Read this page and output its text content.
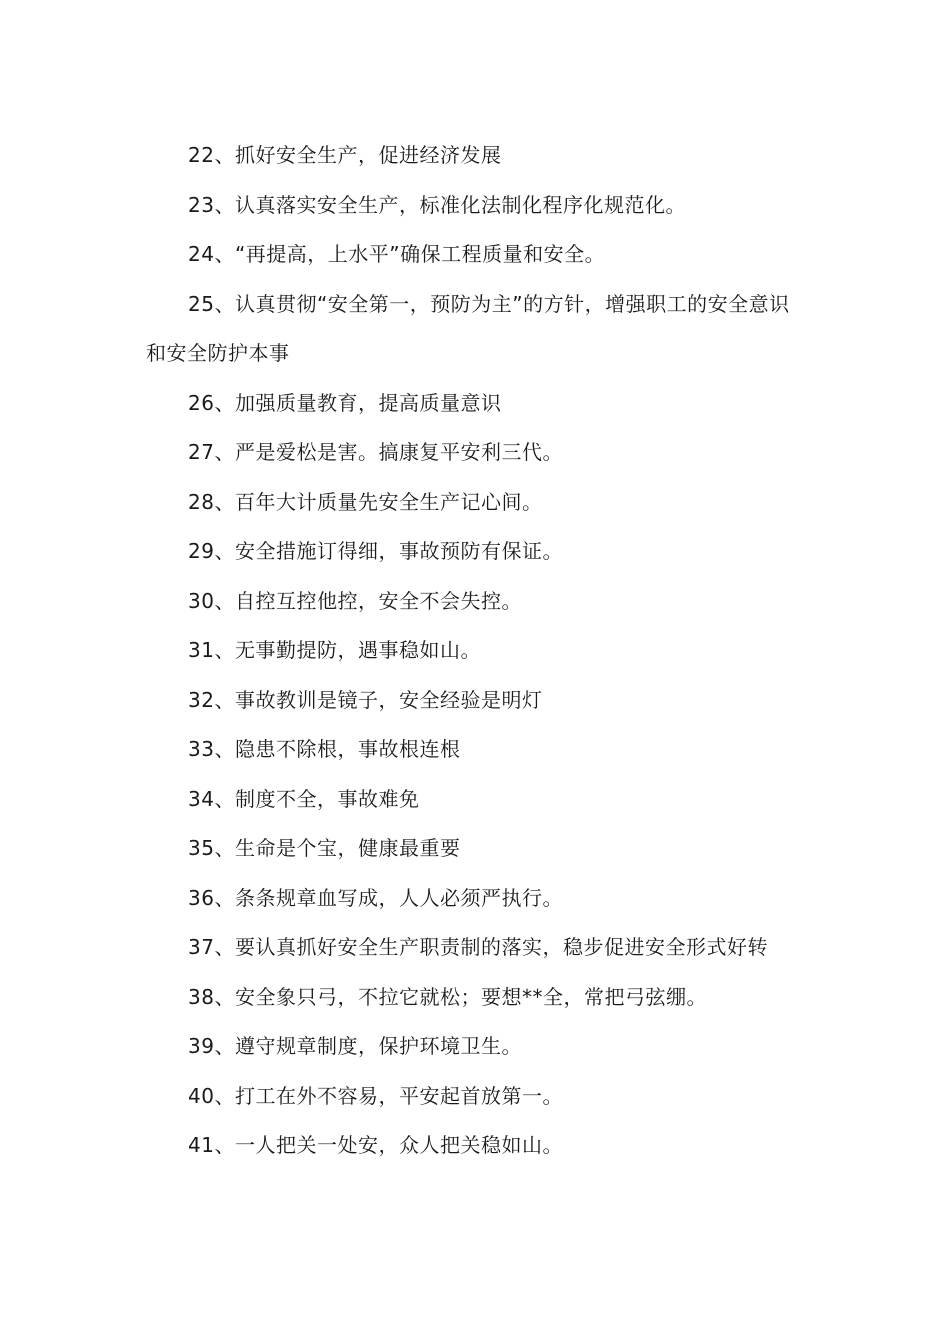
22、抓好安全生产，促进经济发展

23、认真落实安全生产，标准化法制化程序化规范化。

24、“再提高，上水平”确保工程质量和安全。

25、认真贯彻“安全第一，预防为主”的方针，增强职工的安全意识和安全防护本事

26、加强质量教育，提高质量意识

27、严是爱松是害。搞康复平安利三代。

28、百年大计质量先安全生产记心间。

29、安全措施订得细，事故预防有保证。

30、自控互控他控，安全不会失控。

31、无事勤提防，遇事稳如山。

32、事故教训是镜子，安全经验是明灯

33、隐患不除根，事故根连根

34、制度不全，事故难免

35、生命是个宝，健康最重要

36、条条规章血写成，人人必须严执行。

37、要认真抓好安全生产职责制的落实，稳步促进安全形式好转

38、安全象只弓，不拉它就松；要想**全，常把弓弦绷。

39、遵守规章制度，保护环境卫生。

40、打工在外不容易，平安起首放第一。

41、一人把关一处安，众人把关稳如山。
